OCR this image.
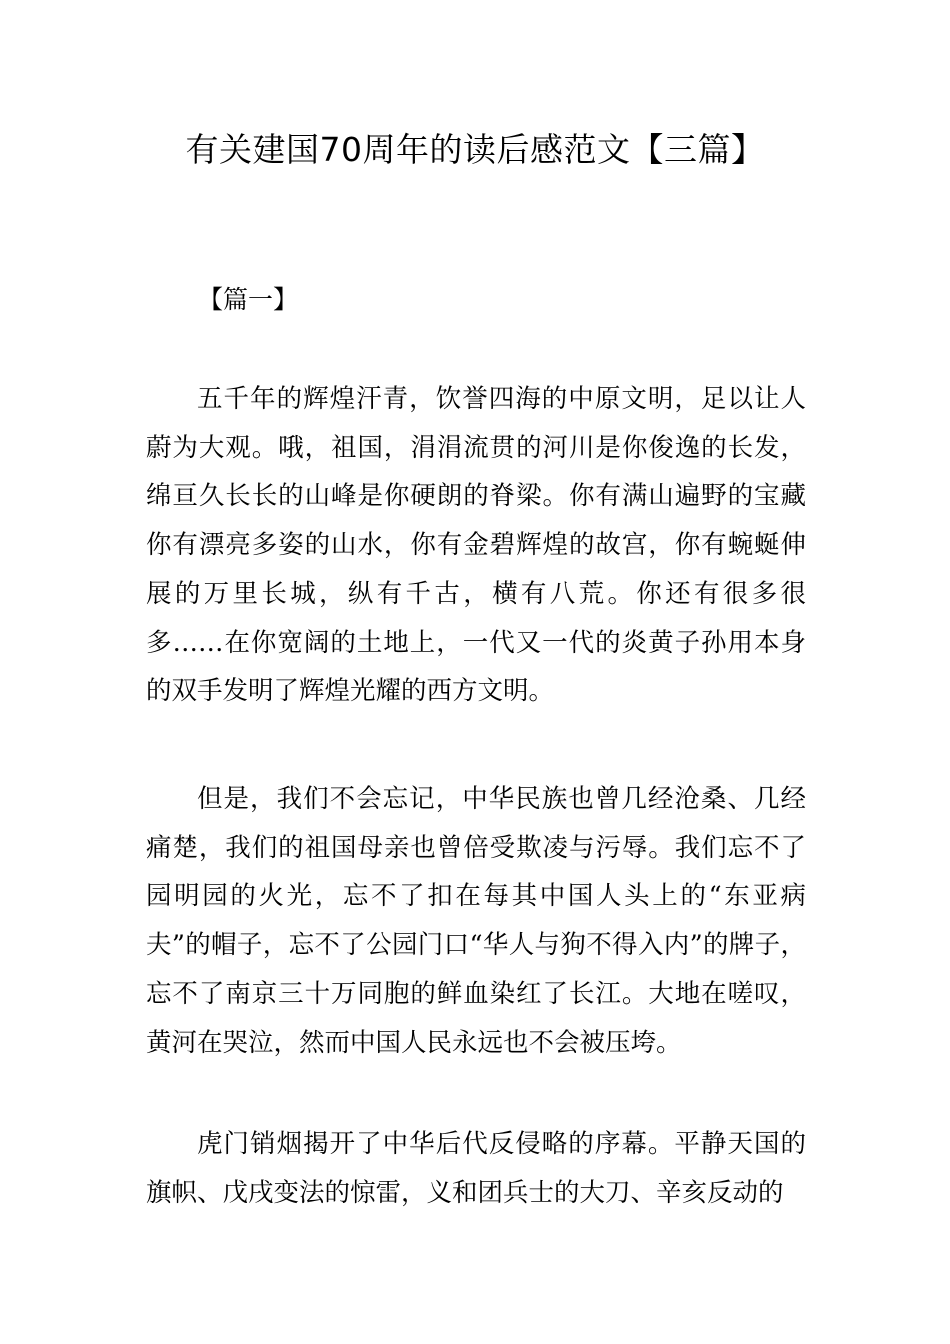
有关建国70周年的读后感范文【三篇】
【篇一】

五千年的辉煌汗青，饮誉四海的中原文明，足以让人蔚为大观。哦，祖国，涓涓流贯的河川是你俊逸的长发，绵亘久长长的山峰是你硬朗的脊梁。你有满山遍野的宝藏你有漂亮多姿的山水，你有金碧辉煌的故宫，你有蜿蜒伸展的万里长城，纵有千古，横有八荒。你还有很多很多……在你宽阔的土地上，一代又一代的炎黄子孙用本身的双手发明了辉煌光耀的西方文明。

但是，我们不会忘记，中华民族也曾几经沧桑、几经痛楚，我们的祖国母亲也曾倍受欺凌与污辱。我们忘不了园明园的火光，忘不了扣在每其中国人头上的“东亚病夫”的帽子，忘不了公园门口“华人与狗不得入内”的牌子，忘不了南京三十万同胞的鲜血染红了长江。大地在嗟叹，黄河在哭泣，然而中国人民永远也不会被压垮。

虎门销烟揭开了中华后代反侵略的序幕。平静天国的旗帜、戊戌变法的惊雷，义和团兵士的大刀、辛亥反动的
